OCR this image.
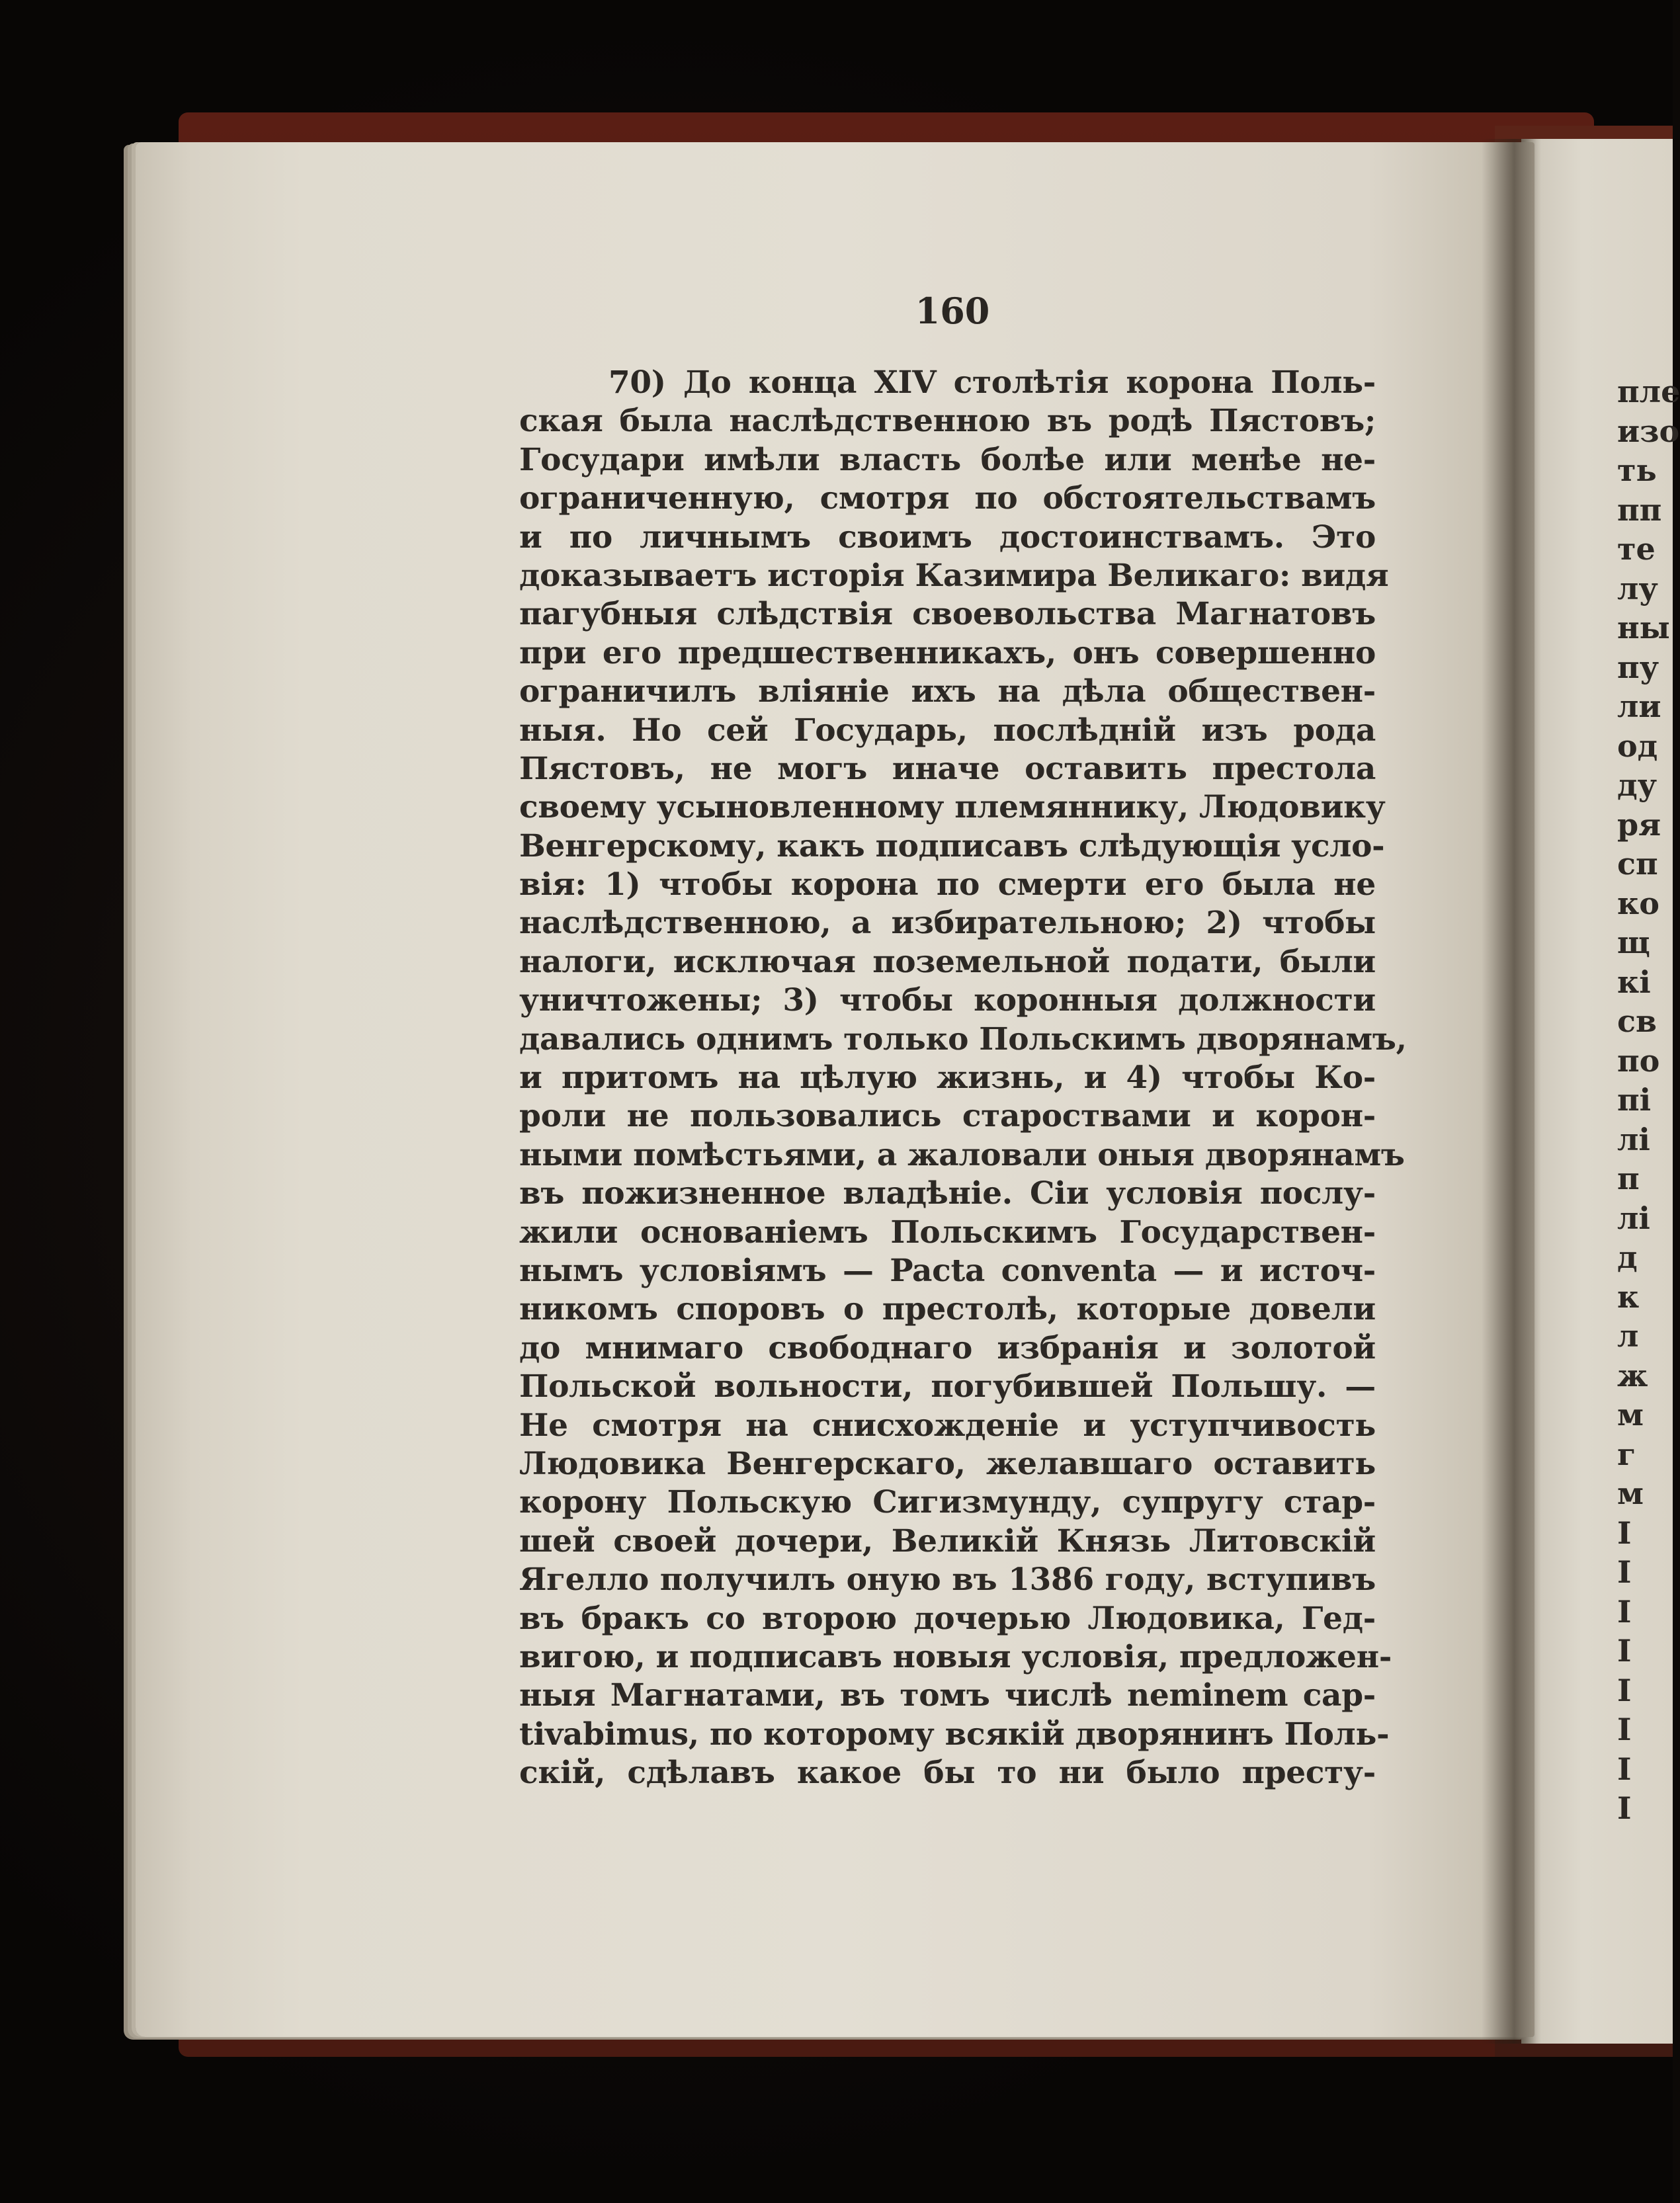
160
70) До конца XIV столѣтія корона Поль-
ская была наслѣдственною въ родѣ Пястовъ;
Государи имѣли власть болѣе или менѣе не-
ограниченную, смотря по обстоятельствамъ
и по личнымъ своимъ достоинствамъ. Это
доказываетъ исторія Казимира Великаго: видя
пагубныя слѣдствія своевольства Магнатовъ
при его предшественникахъ, онъ совершенно
ограничилъ вліяніе ихъ на дѣла обществен-
ныя. Но сей Государь, послѣдній изъ рода
Пястовъ, не могъ иначе оставить престола
своему усыновленному племяннику, Людовику
Венгерскому, какъ подписавъ слѣдующія усло-
вія: 1) чтобы корона по смерти его была не
наслѣдственною, а избирательною; 2) чтобы
налоги, исключая поземельной подати, были
уничтожены; 3) чтобы коронныя должности
давались однимъ только Польскимъ дворянамъ,
и притомъ на цѣлую жизнь, и 4) чтобы Ко-
роли не пользовались староствами и корон-
ными помѣстьями, а жаловали оныя дворянамъ
въ пожизненное владѣніе. Сіи условія послу-
жили основаніемъ Польскимъ Государствен-
нымъ условіямъ — Pacta conventa — и источ-
никомъ споровъ о престолѣ, которые довели
до мнимаго свободнаго избранія и золотой
Польской вольности, погубившей Польшу. —
Не смотря на снисхожденіе и уступчивость
Людовика Венгерскаго, желавшаго оставить
корону Польскую Сигизмунду, супругу стар-
шей своей дочери, Великій Князь Литовскій
Ягелло получилъ оную въ 1386 году, вступивъ
въ бракъ со второю дочерью Людовика, Гед-
вигою, и подписавъ новыя условія, предложен-
ныя Магнатами, въ томъ числѣ neminem cap-
tivabimus, по которому всякій дворянинъ Поль-
скій, сдѣлавъ какое бы то ни было престу-
пле
изо
ть
пп
те
лу
ны
пу
ли
од
ду
ря
сп
ко
щ
кі
св
по
пі
лі
п
лі
д
к
л
ж
м
г
м
I
I
I
I
I
I
I
I
